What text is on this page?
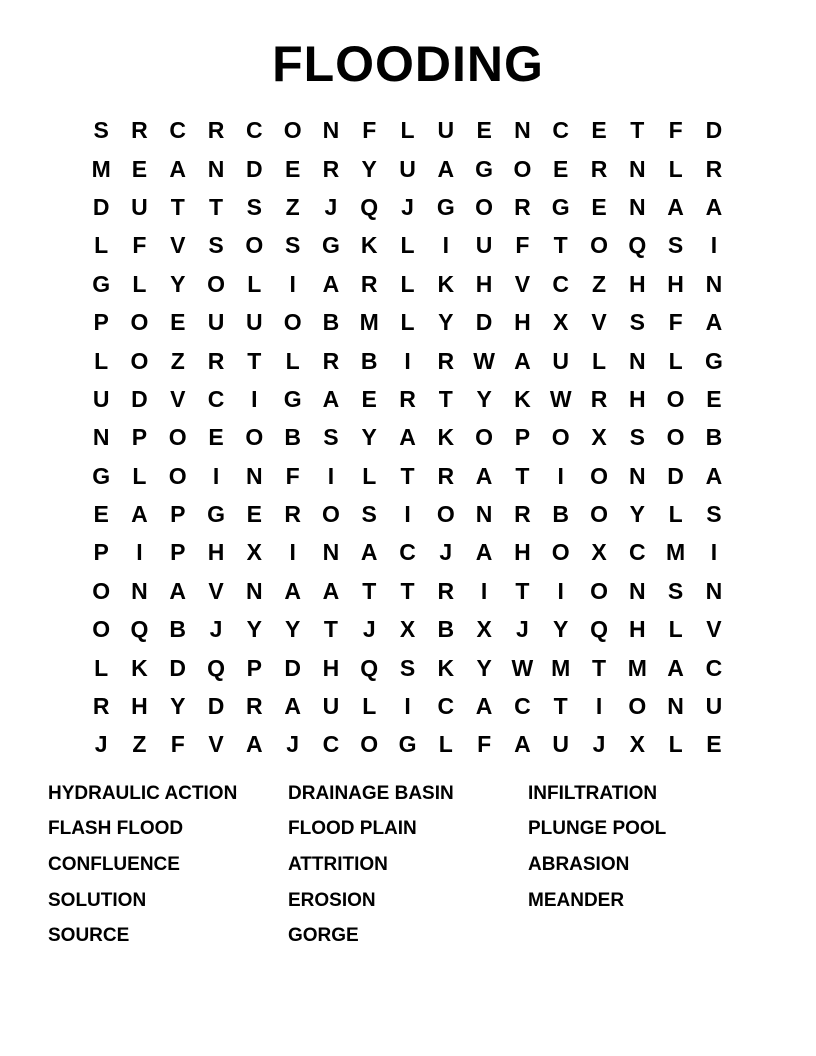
FLOODING
S R C R C O N F	L U E N C E	T	F D
M E A N D E R Y U A G O E R N L R
D U T	T	S	Z	J Q J G O R G E N A A
L	F	V S O S G K L	I	U F	T O Q S	I
G L	Y O L	I	A R L K H V C Z H H N
P O E U U O B M L	Y D H X V S	F A
L O Z R T	L R B	I	R W A U L N L G
U D V C	I	G A E R T	Y K W R H O E
N P O E O B S Y A K O P O X S O B
G L O	I	N F	I	L	T R A T	I	O N D A
E A P G E R O S	I	O N R B O Y	L	S
P	I	P H X	I	N A C	J	A H O X C M	I
O N A V N A A T	T R	I	T	I	O N S N
O Q B	J	Y Y	T	J	X B X	J	Y Q H L	V
L K D Q P D H Q S K Y W M T M A C
R H Y D R A U L	I	C A C T	I	O N U
J	Z	F	V A	J	C O G L	F A U	J	X	L	E
HYDRAULIC ACTION	DRAINAGE BASIN	INFILTRATION
FLASH FLOOD	FLOOD PLAIN	PLUNGE POOL
CONFLUENCE	ATTRITION	ABRASION
SOLUTION	EROSION	MEANDER
SOURCE	GORGE
